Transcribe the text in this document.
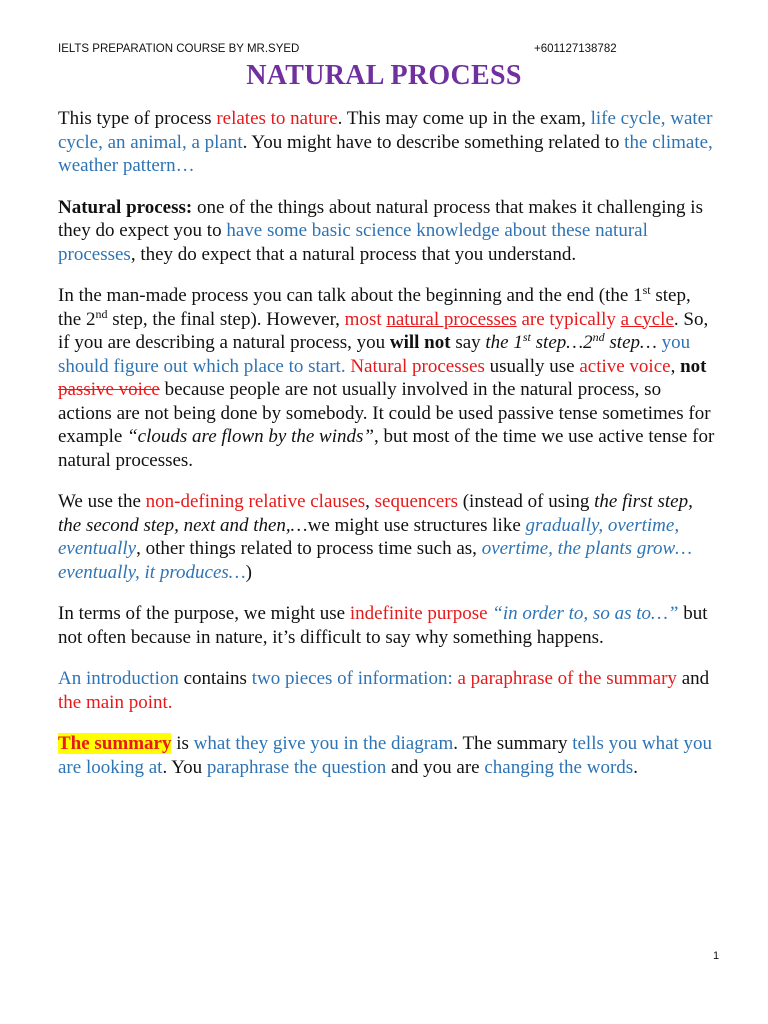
IELTS PREPARATION COURSE BY MR.SYED	+601127138782
NATURAL PROCESS

This type of process relates to nature. This may come up in the exam, life cycle, water cycle, an animal, a plant. You might have to describe something related to the climate, weather pattern…

Natural process: one of the things about natural process that makes it challenging is they do expect you to have some basic science knowledge about these natural processes, they do expect that a natural process that you understand.

In the man-made process you can talk about the beginning and the end (the 1st step, the 2nd step, the final step). However, most natural processes are typically a cycle. So, if you are describing a natural process, you will not say the 1st step…2nd step… you should figure out which place to start. Natural processes usually use active voice, not passive voice because people are not usually involved in the natural process, so actions are not being done by somebody. It could be used passive tense sometimes for example “clouds are flown by the winds”, but most of the time we use active tense for natural processes.

We use the non-defining relative clauses, sequencers (instead of using the first step, the second step, next and then,…we might use structures like gradually, overtime, eventually, other things related to process time such as, overtime, the plants grow…eventually, it produces…)

In terms of the purpose, we might use indefinite purpose “in order to, so as to…” but not often because in nature, it’s difficult to say why something happens.

An introduction contains two pieces of information: a paraphrase of the summary and the main point.

The summary is what they give you in the diagram. The summary tells you what you are looking at. You paraphrase the question and you are changing the words.

1
